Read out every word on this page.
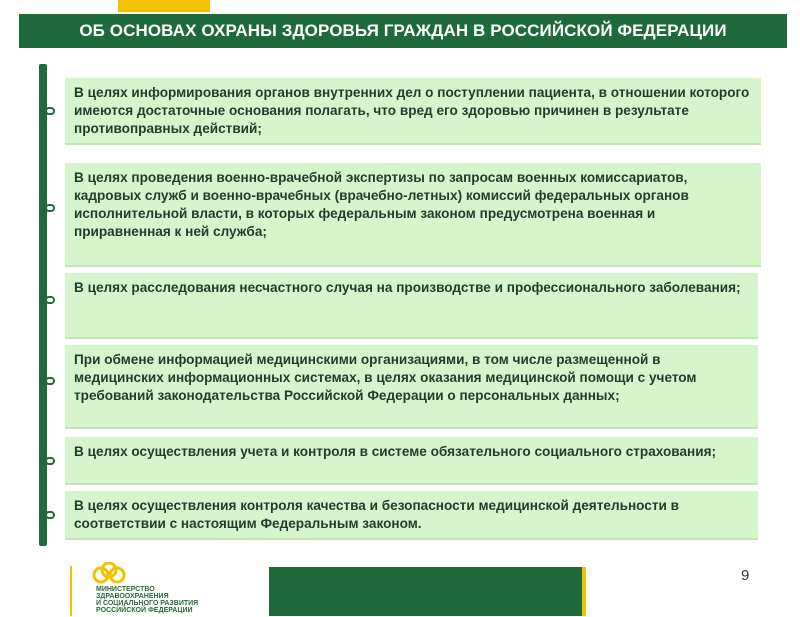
ОБ ОСНОВАХ ОХРАНЫ ЗДОРОВЬЯ ГРАЖДАН В РОССИЙСКОЙ ФЕДЕРАЦИИ
В целях информирования органов внутренних дел о поступлении пациента, в отношении которого имеются достаточные основания полагать, что вред его здоровью причинен в результате противоправных действий;
В целях проведения военно-врачебной экспертизы по запросам военных комиссариатов, кадровых служб и военно-врачебных (врачебно-летных) комиссий федеральных органов исполнительной власти, в которых федеральным законом предусмотрена военная и приравненная к ней служба;
В целях расследования несчастного случая на производстве и профессионального заболевания;
При обмене информацией медицинскими организациями, в том числе размещенной в медицинских информационных системах, в целях оказания медицинской помощи с учетом требований законодательства Российской Федерации о персональных данных;
В целях осуществления учета и контроля в системе обязательного социального страхования;
В целях осуществления контроля качества и безопасности медицинской деятельности в соответствии с настоящим Федеральным законом.
МИНИСТЕРСТВО
ЗДРАВООХРАНЕНИЯ
И СОЦИАЛЬНОГО РАЗВИТИЯ
РОССИЙСКОЙ ФЕДЕРАЦИИ
9
